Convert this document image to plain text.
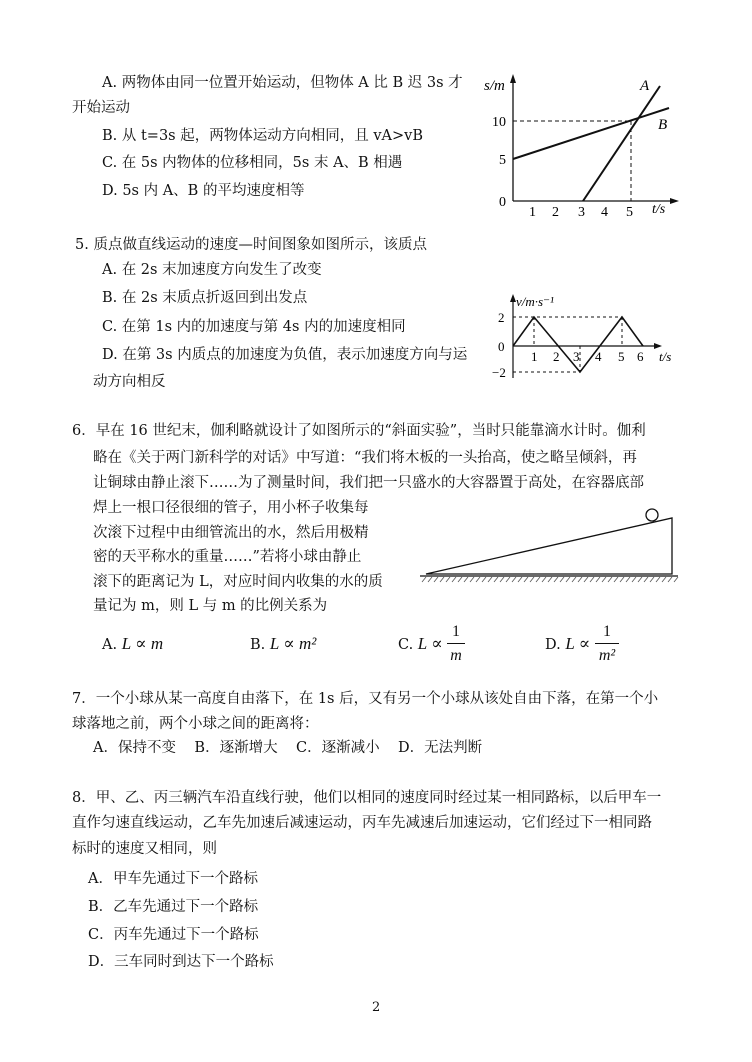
A. 两物体由同一位置开始运动，但物体 A 比 B 迟 3s 才
开始运动
B. 从 t=3s 起，两物体运动方向相同，且 vA>vB
C. 在 5s 内物体的位移相同，5s 末 A、B 相遇
D. 5s 内 A、B 的平均速度相等
s/m
t/s
A
B
10
5
0
1 2 3 4 5
5. 质点做直线运动的速度—时间图象如图所示，该质点
A. 在 2s 末加速度方向发生了改变
B. 在 2s 末质点折返回到出发点
C. 在第 1s 内的加速度与第 4s 内的加速度相同
D. 在第 3s 内质点的加速度为负值，表示加速度方向与运
动方向相反
v/m·s⁻¹
t/s
2
0
−2
1 2 3 4 5 6
6．早在 16 世纪末，伽利略就设计了如图所示的“斜面实验”，当时只能靠滴水计时。伽利
略在《关于两门新科学的对话》中写道：“我们将木板的一头抬高，使之略呈倾斜，再
让铜球由静止滚下……为了测量时间，我们把一只盛水的大容器置于高处，在容器底部
焊上一根口径很细的管子，用小杯子收集每
次滚下过程中由细管流出的水，然后用极精
密的天平称水的重量……”若将小球由静止
滚下的距离记为 L，对应时间内收集的水的质
量记为 m，则 L 与 m 的比例关系为
A. L ∝ m	B. L ∝ m²	C. L ∝
1
m
D. L ∝
1
m²
7．一个小球从某一高度自由落下，在 1s 后，又有另一个小球从该处自由下落，在第一个小
球落地之前，两个小球之间的距离将：
A．保持不变    B．逐渐增大    C．逐渐减小    D．无法判断
8．甲、乙、丙三辆汽车沿直线行驶，他们以相同的速度同时经过某一相同路标，以后甲车一
直作匀速直线运动，乙车先加速后减速运动，丙车先减速后加速运动，它们经过下一相同路
标时的速度又相同，则
A．甲车先通过下一个路标
B．乙车先通过下一个路标
C．丙车先通过下一个路标
D．三车同时到达下一个路标
2
